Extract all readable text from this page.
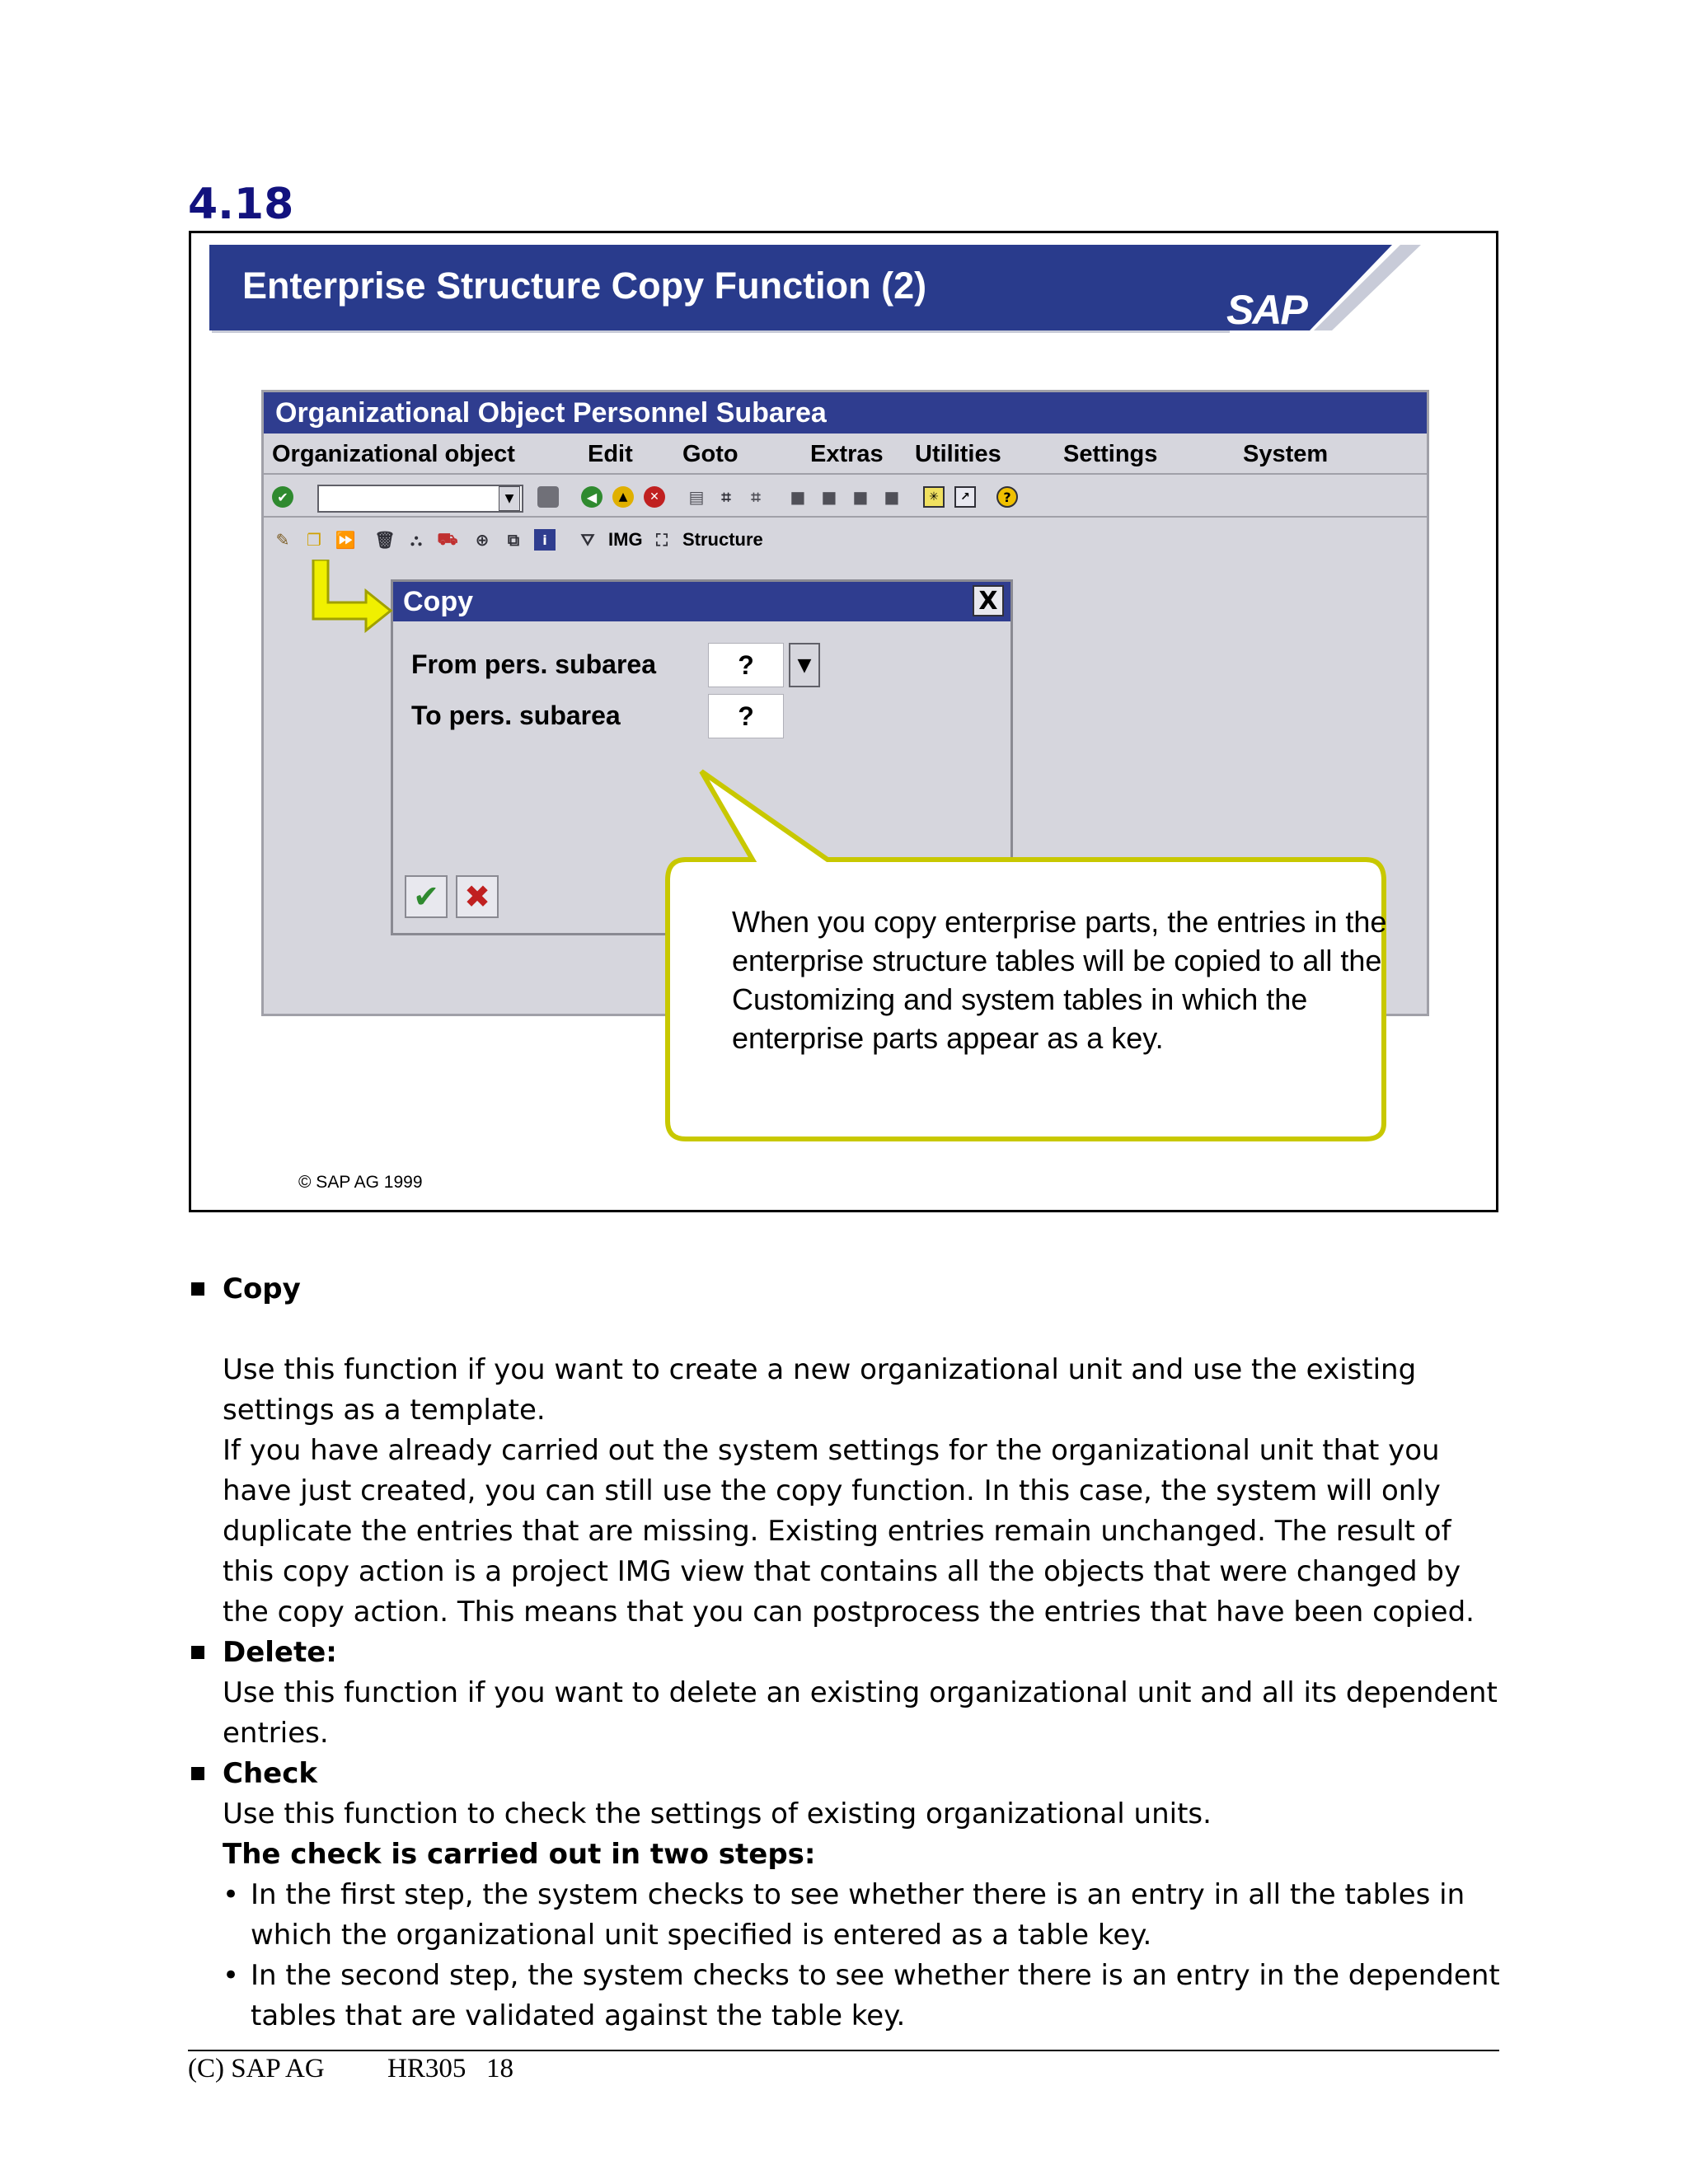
4.18
Enterprise Structure Copy Function (2)
SAP
Organizational Object Personnel Subarea
Organizational object	Edit Goto	Extras Utilities	Settings	System
✔	▼	◀	▲	✕	▤	⌗	⌗	■ ■ ■ ■	✳	↗	?
✎ ❐ ⏩ 🗑 ⛬ ⛟ ⊕ ⧉	i	⛛ IMG ⛶ Structure
Copy	X
From pers. subarea	?	▼
To pers. subarea	?
✔ ✖
When you copy enterprise parts, the entries in the enterprise structure tables will be copied to all the Customizing and system tables in which the enterprise parts appear as a key.
© SAP AG 1999
Copy
Use this function if you want to create a new organizational unit and use the existing settings as a template.
If you have already carried out the system settings for the organizational unit that you have just created, you can still use the copy function. In this case, the system will only duplicate the entries that are missing. Existing entries remain unchanged. The result of this copy action is a project IMG view that contains all the objects that were changed by the copy action. This means that you can postprocess the entries that have been copied.
Delete:
Use this function if you want to delete an existing organizational unit and all its dependent entries.
Check
Use this function to check the settings of existing organizational units.
The check is carried out in two steps:
• In the first step, the system checks to see whether there is an entry in all the tables in which the organizational unit specified is entered as a table key.
• In the second step, the system checks to see whether there is an entry in the dependent tables that are validated against the table key.
(C) SAP AG HR305 18
